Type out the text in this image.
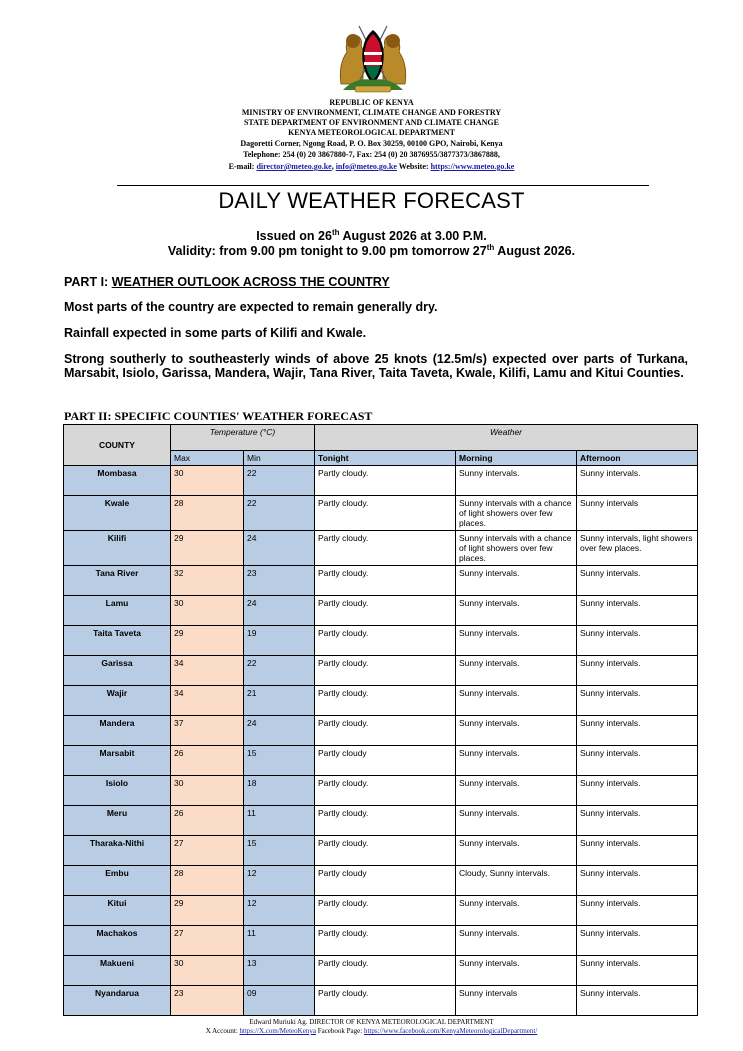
REPUBLIC OF KENYA
MINISTRY OF ENVIRONMENT, CLIMATE CHANGE AND FORESTRY
STATE DEPARTMENT OF ENVIRONMENT AND CLIMATE CHANGE
KENYA METEOROLOGICAL DEPARTMENT
Dagoretti Corner, Ngong Road, P. O. Box 30259, 00100 GPO, Nairobi, Kenya
Telephone: 254 (0) 20 3867880-7, Fax: 254 (0) 20 3876955/3877373/3867888,
E-mail: director@meteo.go.ke, info@meteo.go.ke Website: https://www.meteo.go.ke
DAILY WEATHER FORECAST
Issued on 26th August 2026 at 3.00 P.M.
Validity: from 9.00 pm tonight to 9.00 pm tomorrow 27th August 2026.
PART I: WEATHER OUTLOOK ACROSS THE COUNTRY
Most parts of the country are expected to remain generally dry.
Rainfall expected in some parts of Kilifi and Kwale.
Strong southerly to southeasterly winds of above 25 knots (12.5m/s) expected over parts of Turkana, Marsabit, Isiolo, Garissa, Mandera, Wajir, Tana River, Taita Taveta, Kwale, Kilifi, Lamu and Kitui Counties.
PART II: SPECIFIC COUNTIES' WEATHER FORECAST
COUNTY	Temperature (°C)		Weather		
	Max	Min	Tonight	Morning	Afternoon
Mombasa	30	22	Partly cloudy.	Sunny intervals.	Sunny intervals.
Kwale	28	22	Partly cloudy.	Sunny intervals with a chance of light showers over few places.	Sunny intervals
Kilifi	29	24	Partly cloudy.	Sunny intervals with a chance of light showers over few places.	Sunny intervals, light showers over few places.
Tana River	32	23	Partly cloudy.	Sunny intervals.	Sunny intervals.
Lamu	30	24	Partly cloudy.	Sunny intervals.	Sunny intervals.
Taita Taveta	29	19	Partly cloudy.	Sunny intervals.	Sunny intervals.
Garissa	34	22	Partly cloudy.	Sunny intervals.	Sunny intervals.
Wajir	34	21	Partly cloudy.	Sunny intervals.	Sunny intervals.
Mandera	37	24	Partly cloudy.	Sunny intervals.	Sunny intervals.
Marsabit	26	15	Partly cloudy	Sunny intervals.	Sunny intervals.
Isiolo	30	18	Partly cloudy.	Sunny intervals.	Sunny intervals.
Meru	26	11	Partly cloudy.	Sunny intervals.	Sunny intervals.
Tharaka-Nithi	27	15	Partly cloudy.	Sunny intervals.	Sunny intervals.
Embu	28	12	Partly cloudy	Cloudy, Sunny intervals.	Sunny intervals.
Kitui	29	12	Partly cloudy.	Sunny intervals.	Sunny intervals.
Machakos	27	11	Partly cloudy.	Sunny intervals.	Sunny intervals.
Makueni	30	13	Partly cloudy.	Sunny intervals.	Sunny intervals.
Nyandarua	23	09	Partly cloudy.	Sunny intervals	Sunny intervals.
Edward Muriuki Ag. DIRECTOR OF KENYA METEOROLOGICAL DEPARTMENT
X Account: https://X.com/MeteoKenya Facebook Page: https://www.facebook.com/KenyaMeteorologicalDepartment/
